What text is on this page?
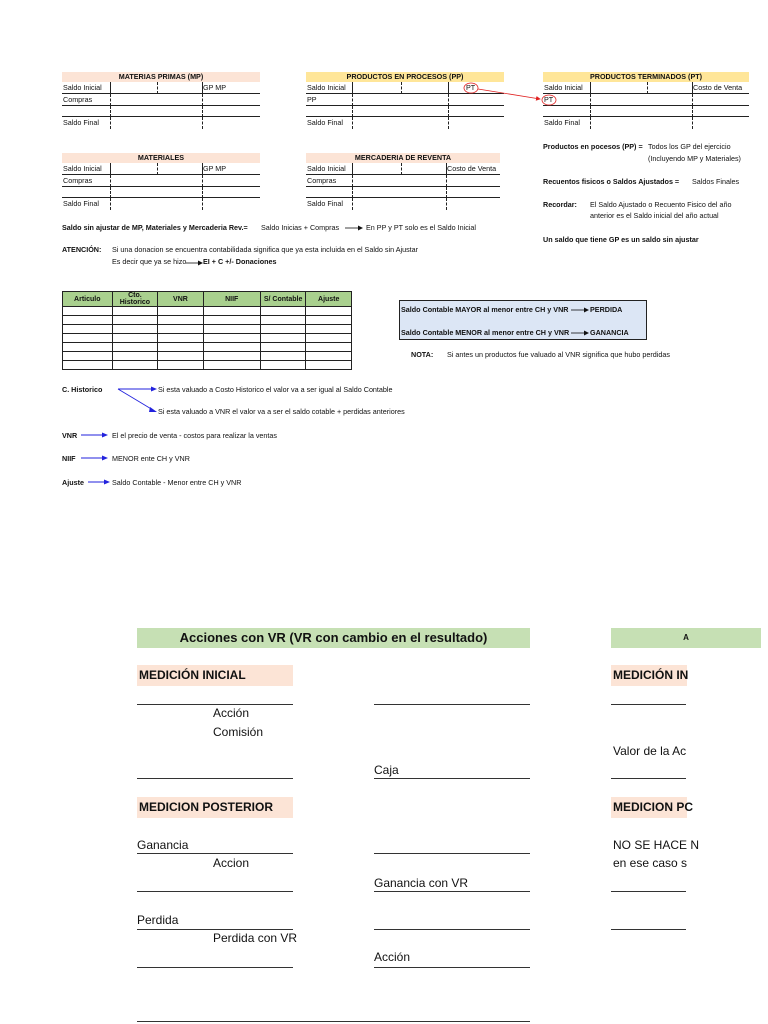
MATERIAS PRIMAS (MP)
Saldo Inicial	GP MP
Compras
Saldo Final
PRODUCTOS EN PROCESOS (PP)
Saldo Inicial	PT
PP
Saldo Final
PRODUCTOS TERMINADOS (PT)
Saldo Inicial	Costo de Venta
PT
Saldo Final
MATERIALES
Saldo Inicial	GP MP
Compras
Saldo Final
MERCADERIA DE REVENTA
Saldo Inicial	Costo de Venta
Compras
Saldo Final
Productos en pocesos (PP) = Todos los GP del ejercicio
(Incluyendo MP y Materiales)
Recuentos fisicos o Saldos Ajustados = Saldos Finales
Recordar: El Saldo Ajustado o Recuento Fisico del año
anterior es el Saldo inicial del año actual
Un saldo que tiene GP es un saldo sin ajustar
Saldo sin ajustar de MP, Materiales y Mercaderia Rev.= Saldo Inicias + Compras	En PP y PT solo es el Saldo Inicial
ATENCIÓN: Si una donacion se encuentra contabilidada significa que ya esta incluida en el Saldo sin Ajustar
Es decir que ya se hizo EI + C +/- Donaciones
Articulo	Cto. Historico	VNR	NIIF	S/ Contable	Ajuste

Saldo Contable MAYOR al menor entre CH y VNR	PERDIDA
Saldo Contable MENOR al menor entre CH y VNR	GANANCIA
NOTA: Si antes un productos fue valuado al VNR significa que hubo perdidas
C. Historico	Si esta valuado a Costo Historico el valor va a ser igual al Saldo Contable
Si esta valuado a VNR el valor va a ser el saldo cotable + perdidas anteriores
VNR	El el precio de venta - costos para realizar la ventas
NIIF	MENOR ente CH y VNR
Ajuste	Saldo Contable - Menor entre CH y VNR
Acciones con VR (VR con cambio en el resultado)	A
MEDICIÓN INICIAL	MEDICIÓN IN
Acción
Comisión
Valor de la Ac
Caja
MEDICION POSTERIOR	MEDICION PC
Ganancia	NO SE HACE N
Accion	en ese caso s
Ganancia con VR
Perdida
Perdida con VR
Acción
